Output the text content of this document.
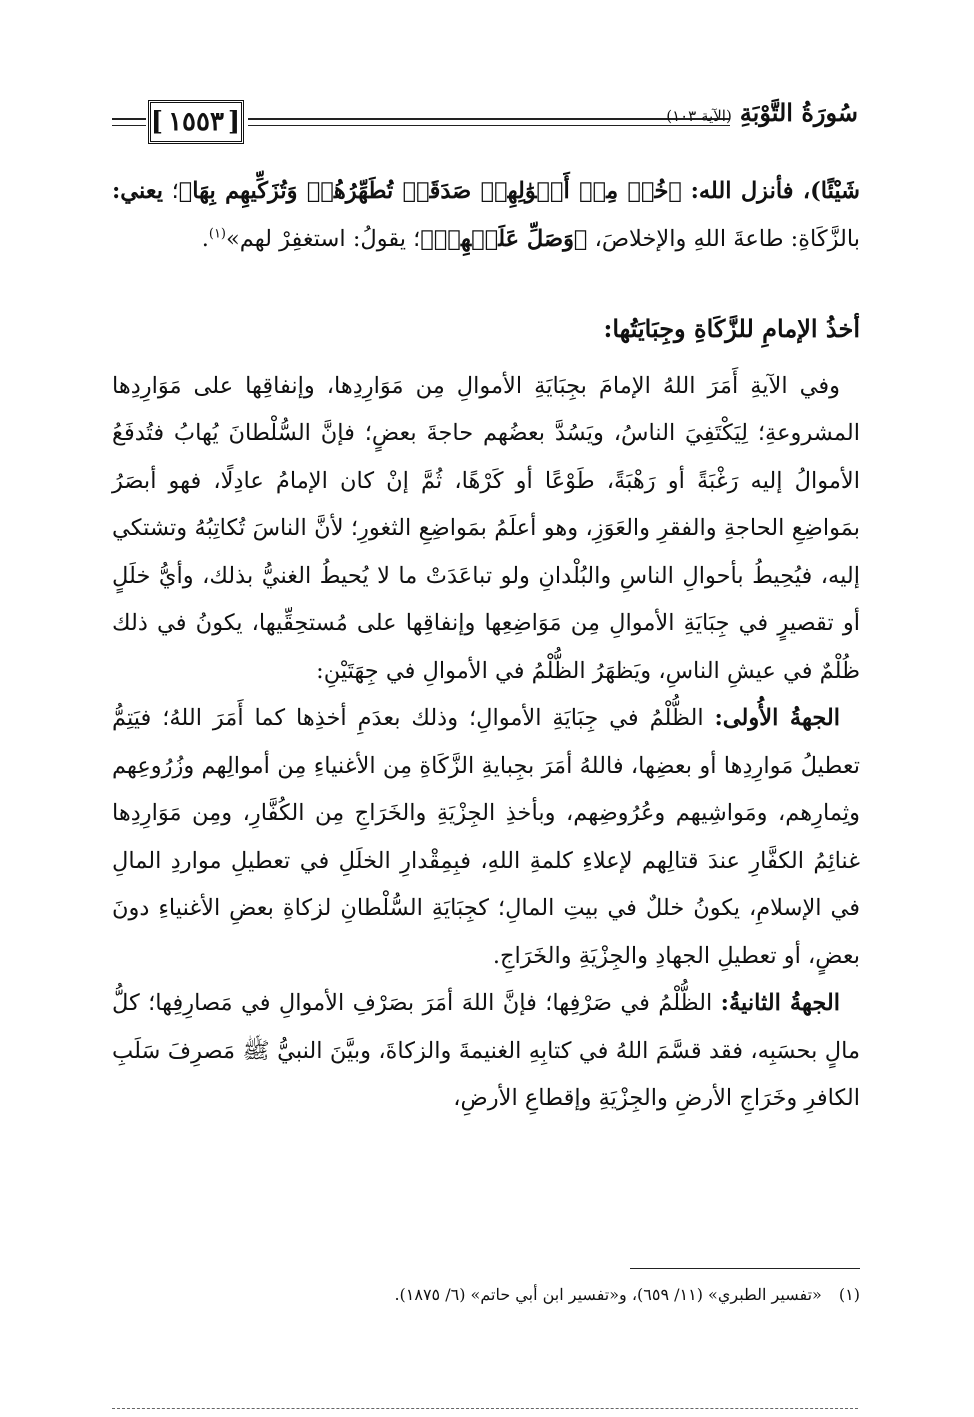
[ ١٥٥٣ ]	سُورَةُ التَّوْبَةِ
(الآية ١٠٣)

شَيْئًا)، فأنزل الله: ﴿خُذۡ مِنۡ أَمۡوَٰلِهِمۡ صَدَقَةࣰ تُطَهِّرُهُمۡ وَتُزَكِّيهِم بِهَا﴾؛ يعني: بالزَّكَاةِ: طاعةَ اللهِ والإخلاصَ، ﴿وَصَلِّ عَلَيۡهِمۡ﴾؛ يقولُ: استغفِرْ لهم»$^{(١)}$.

أخذُ الإمامِ للزَّكَاةِ وجِبَايَتُها:

وفي الآيةِ أَمَرَ اللهُ الإمامَ بجِبَايَةِ الأموالِ مِن مَوَارِدِها، وإنفاقِها على مَوَارِدِها المشروعةِ؛ لِيَكْتَفِيَ الناسُ، ويَسُدَّ بعضُهم حاجةَ بعضٍ؛ فإنَّ السُّلْطانَ يُهابُ فتُدفَعُ الأموالُ إليه رَغْبَةً أو رَهْبَةً، طَوْعًا أو كَرْهًا، ثُمَّ إنْ كان الإمامُ عادِلًا، فهو أبصَرُ بمَواضِعِ الحاجةِ والفقرِ والعَوَزِ، وهو أعلَمُ بمَواضِعِ الثغورِ؛ لأنَّ الناسَ تُكاتِبُهُ وتشتكي إليه، فيُحِيطُ بأحوالِ الناسِ والبُلْدانِ ولو تباعَدَتْ ما لا يُحيطُ الغنيُّ بذلك، وأيُّ خلَلٍ أو تقصيرٍ في جِبَايَةِ الأموالِ مِن مَوَاضِعِها وإنفاقِها على مُستحِقِّيها، يكونُ في ذلك ظُلْمٌ في عيشِ الناسِ، ويَظهَرُ الظُّلْمُ في الأموالِ في جِهَتَيْنِ:

الجهةُ الأُولى: الظُّلْمُ في جِبَايَةِ الأموالِ؛ وذلك بعدَمِ أخذِها كما أَمَرَ اللهُ؛ فيَتِمُّ تعطيلُ مَوارِدِها أو بعضِها، فاللهُ أمَرَ بجِبايةِ الزَّكَاةِ مِن الأغنياءِ مِن أموالِهم وزُرُوعِهم وثِمارِهم، ومَواشِيهم وعُرُوضِهم، وبأخذِ الجِزْيَةِ والخَرَاجِ مِن الكُفَّارِ، ومِن مَوَارِدِها غنائِمُ الكفَّارِ عندَ قتالِهم لإعلاءِ كلمةِ اللهِ، فبِمِقْدارِ الخلَلِ في تعطيلِ مواردِ المالِ في الإسلامِ، يكونُ خللٌ في بيتِ المالِ؛ كجِبَايَةِ السُّلْطانِ لزكاةِ بعضِ الأغنياءِ دونَ بعضٍ، أو تعطيلِ الجهادِ والجِزْيَةِ والخَرَاجِ.

الجهةُ الثانيةُ: الظُّلْمُ في صَرْفِها؛ فإنَّ اللهَ أمَرَ بصَرْفِ الأموالِ في مَصارِفِها؛ كلُّ مالٍ بحسَبِه، فقد قسَّمَ اللهُ في كتابِهِ الغنيمةَ والزكاةَ، وبيَّنَ النبيُّ ﷺ مَصرِفَ سَلَبِ الكافرِ وخَرَاجِ الأرضِ والجِزْيَةِ وإقطاعِ الأرضِ،

(١) «تفسير الطبري» (١١/ ٦٥٩)، و«تفسير ابن أبي حاتم» (٦/ ١٨٧٥).
